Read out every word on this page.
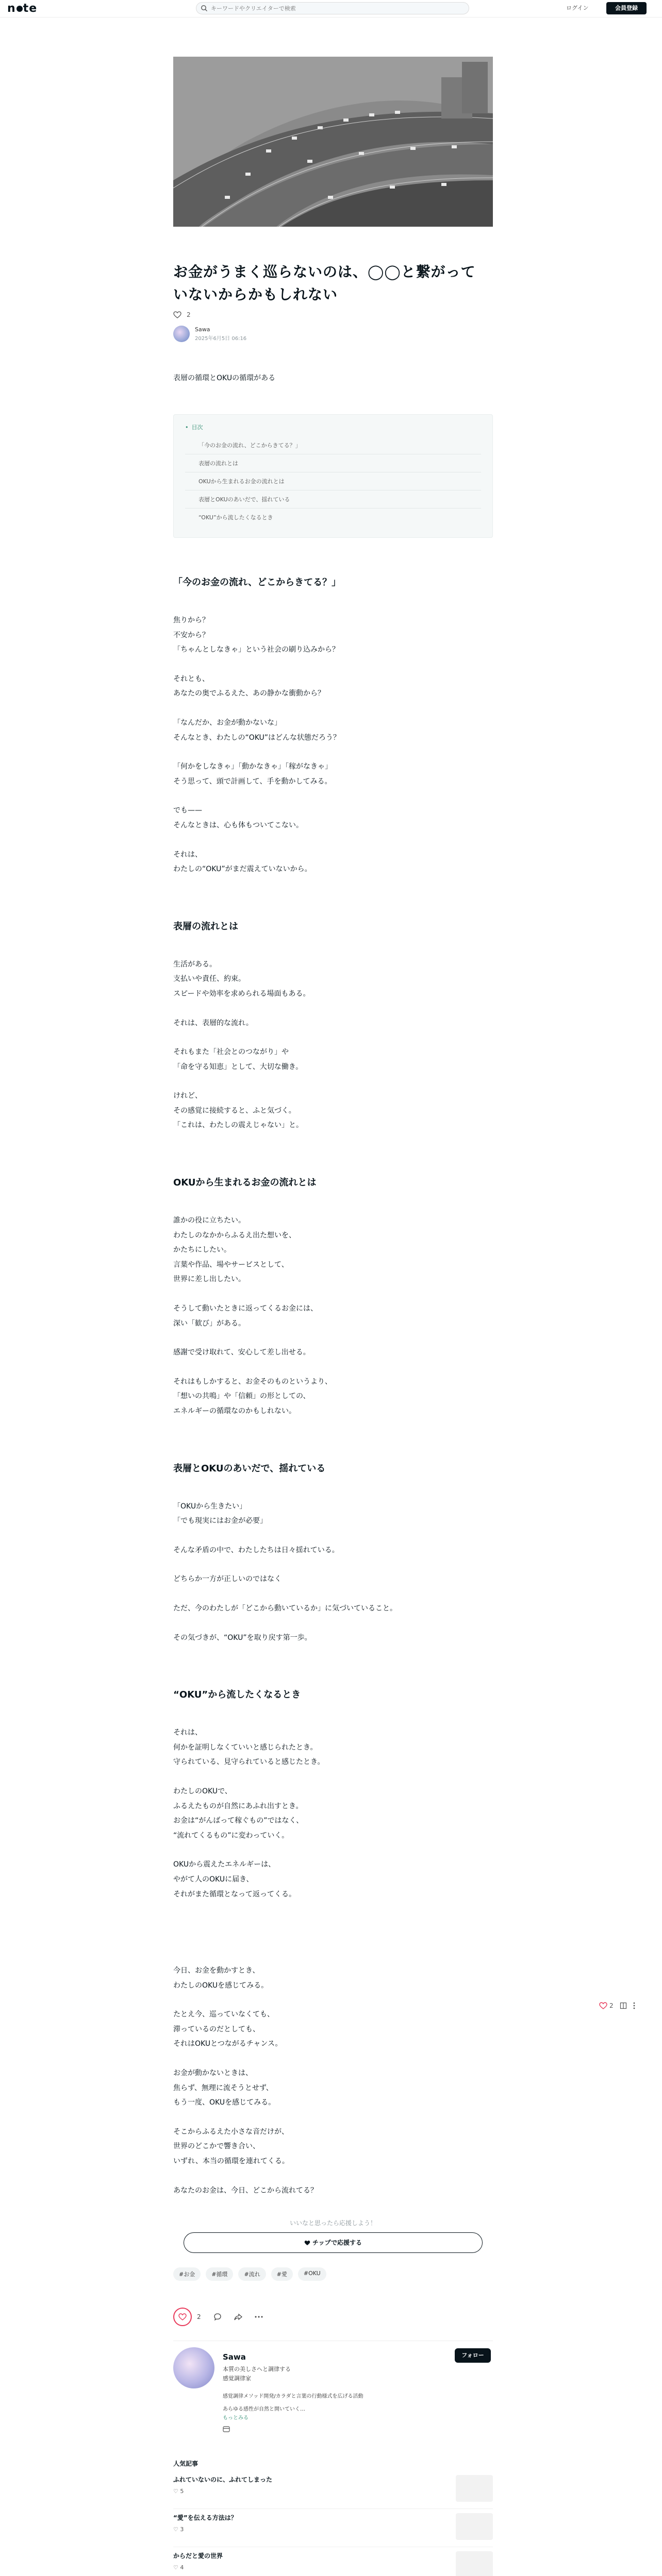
n te
キーワードやクリエイターで検索	ログイン	会員登録
お金がうまく巡らないのは、◯◯と繋がって
いないからかもしれない
2
Sawa
2025年6月5日 06:16

表層の循環とOKUの循環がある

• 目次
「今のお金の流れ、どこからきてる？」
表層の流れとは
OKUから生まれるお金の流れとは
表層とOKUのあいだで、揺れている
“OKU”から流したくなるとき
「今のお金の流れ、どこからきてる？」

焦りから？
不安から？
「ちゃんとしなきゃ」という社会の刷り込みから？

それとも、
あなたの奥でふるえた、あの静かな衝動から？

「なんだか、お金が動かないな」
そんなとき、わたしの“OKU”はどんな状態だろう？

「何かをしなきゃ」「動かなきゃ」「稼がなきゃ」
そう思って、頭で計画して、手を動かしてみる。

でも——
そんなときは、心も体もついてこない。

それは、
わたしの“OKU”がまだ震えていないから。

表層の流れとは

生活がある。
支払いや責任、約束。
スピードや効率を求められる場面もある。

それは、表層的な流れ。

それもまた「社会とのつながり」や
「命を守る知恵」として、大切な働き。

けれど、
その感覚に接続すると、ふと気づく。
「これは、わたしの震えじゃない」と。

OKUから生まれるお金の流れとは

誰かの役に立ちたい。
わたしのなかからふるえ出た想いを、
かたちにしたい。
言葉や作品、場やサービスとして、
世界に差し出したい。

そうして動いたときに返ってくるお金には、
深い「歓び」がある。

感謝で受け取れて、安心して差し出せる。

それはもしかすると、お金そのものというより、
「想いの共鳴」や「信頼」の形としての、
エネルギーの循環なのかもしれない。

表層とOKUのあいだで、揺れている

「OKUから生きたい」
「でも現実にはお金が必要」

そんな矛盾の中で、わたしたちは日々揺れている。

どちらか一方が正しいのではなく

ただ、今のわたしが「どこから動いているか」に気づいていること。

その気づきが、“OKU”を取り戻す第一歩。

“OKU”から流したくなるとき

それは、
何かを証明しなくていいと感じられたとき。
守られている、見守られていると感じたとき。

わたしのOKUで、
ふるえたものが自然にあふれ出すとき。
お金は“がんばって稼ぐもの”ではなく、
“流れてくるもの”に変わっていく。

OKUから震えたエネルギーは、
やがて人のOKUに届き、
それがまた循環となって返ってくる。

今日、お金を動かすとき、
わたしのOKUを感じてみる。

たとえ今、巡っていなくても、
滞っているのだとしても、
それはOKUとつながるチャンス。

お金が動かないときは、
焦らず、無理に流そうとせず、
もう一度、OKUを感じてみる。

そこからふるえた小さな音だけが、
世界のどこかで響き合い、
いずれ、本当の循環を連れてくる。

あなたのお金は、今日、どこから流れてる？

いいなと思ったら応援しよう！
チップで応援する
#お金	#循環	#流れ	#愛	#OKU
2
Sawa
本質の美しさへと調律する
感覚調律家
感覚調律メソッド開発/カラダと言葉の行動様式を広げる活動
あらゆる感性が自然と開いていく…
もっとみる
フォロー
人気記事
ふれていないのに、ふれてしまった
♡ 5
“愛”を伝える方法は？
♡ 3
からだと愛の世界
♡ 4

2
